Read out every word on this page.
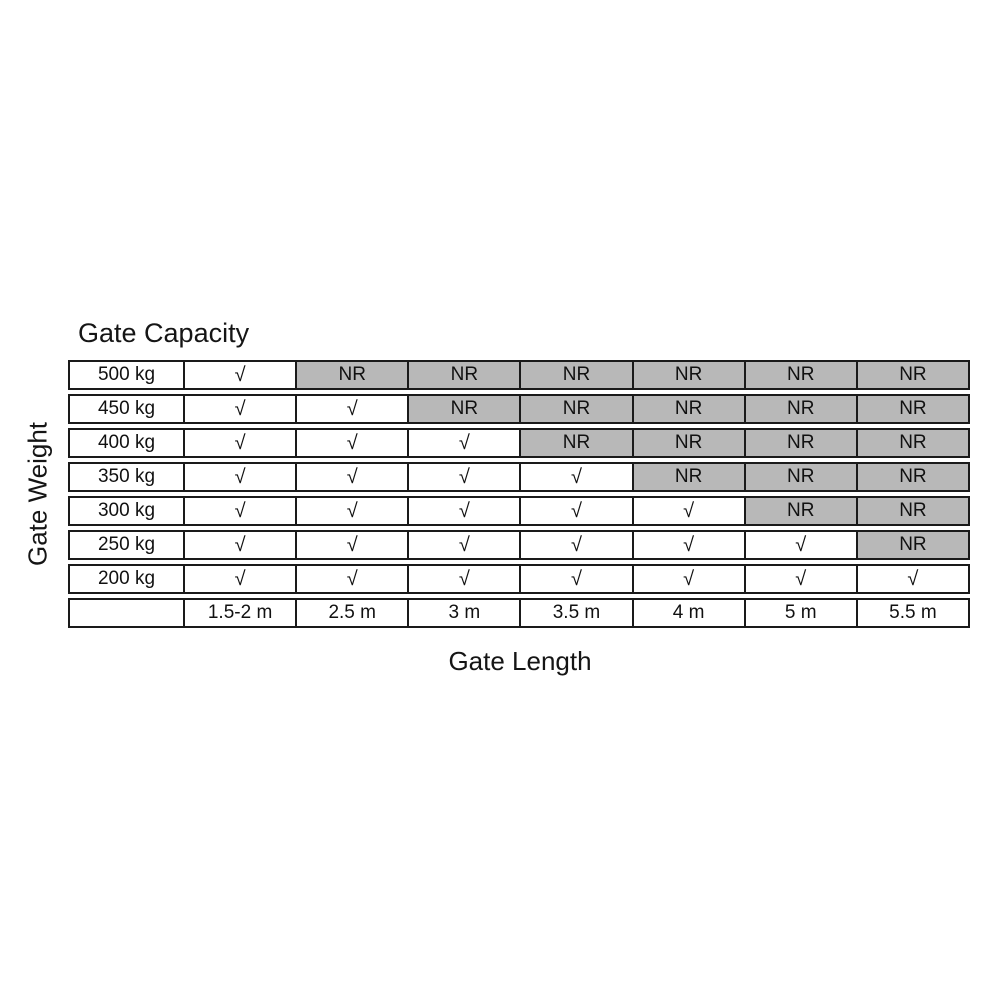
Gate Capacity
Gate Weight
500 kg	√	NR	NR	NR	NR	NR	NR
450 kg	√	√	NR	NR	NR	NR	NR
400 kg	√	√	√	NR	NR	NR	NR
350 kg	√	√	√	√	NR	NR	NR
300 kg	√	√	√	√	√	NR	NR
250 kg	√	√	√	√	√	√	NR
200 kg	√	√	√	√	√	√	√
	1.5-2 m	2.5 m	3 m	3.5 m	4 m	5 m	5.5 m
Gate Length
